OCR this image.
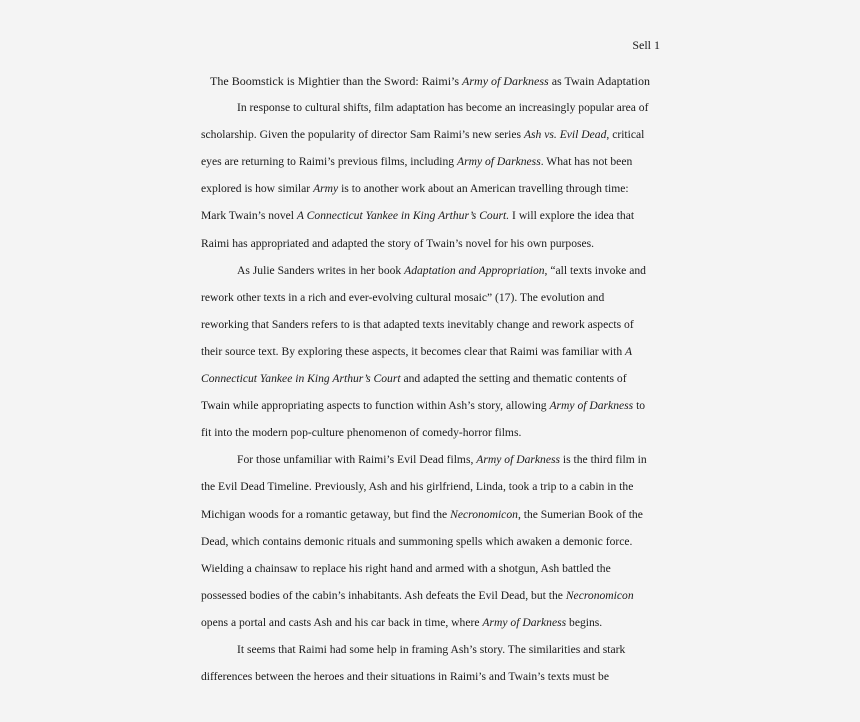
Sell 1
The Boomstick is Mightier than the Sword: Raimi’s Army of Darkness as Twain Adaptation
In response to cultural shifts, film adaptation has become an increasingly popular area of
scholarship. Given the popularity of director Sam Raimi’s new series Ash vs. Evil Dead, critical
eyes are returning to Raimi’s previous films, including Army of Darkness. What has not been
explored is how similar Army is to another work about an American travelling through time:
Mark Twain’s novel A Connecticut Yankee in King Arthur’s Court. I will explore the idea that
Raimi has appropriated and adapted the story of Twain’s novel for his own purposes.
As Julie Sanders writes in her book Adaptation and Appropriation, “all texts invoke and
rework other texts in a rich and ever-evolving cultural mosaic” (17). The evolution and
reworking that Sanders refers to is that adapted texts inevitably change and rework aspects of
their source text. By exploring these aspects, it becomes clear that Raimi was familiar with A
Connecticut Yankee in King Arthur’s Court and adapted the setting and thematic contents of
Twain while appropriating aspects to function within Ash’s story, allowing Army of Darkness to
fit into the modern pop-culture phenomenon of comedy-horror films.
For those unfamiliar with Raimi’s Evil Dead films, Army of Darkness is the third film in
the Evil Dead Timeline. Previously, Ash and his girlfriend, Linda, took a trip to a cabin in the
Michigan woods for a romantic getaway, but find the Necronomicon, the Sumerian Book of the
Dead, which contains demonic rituals and summoning spells which awaken a demonic force.
Wielding a chainsaw to replace his right hand and armed with a shotgun, Ash battled the
possessed bodies of the cabin’s inhabitants. Ash defeats the Evil Dead, but the Necronomicon
opens a portal and casts Ash and his car back in time, where Army of Darkness begins.
It seems that Raimi had some help in framing Ash’s story. The similarities and stark
differences between the heroes and their situations in Raimi’s and Twain’s texts must be
